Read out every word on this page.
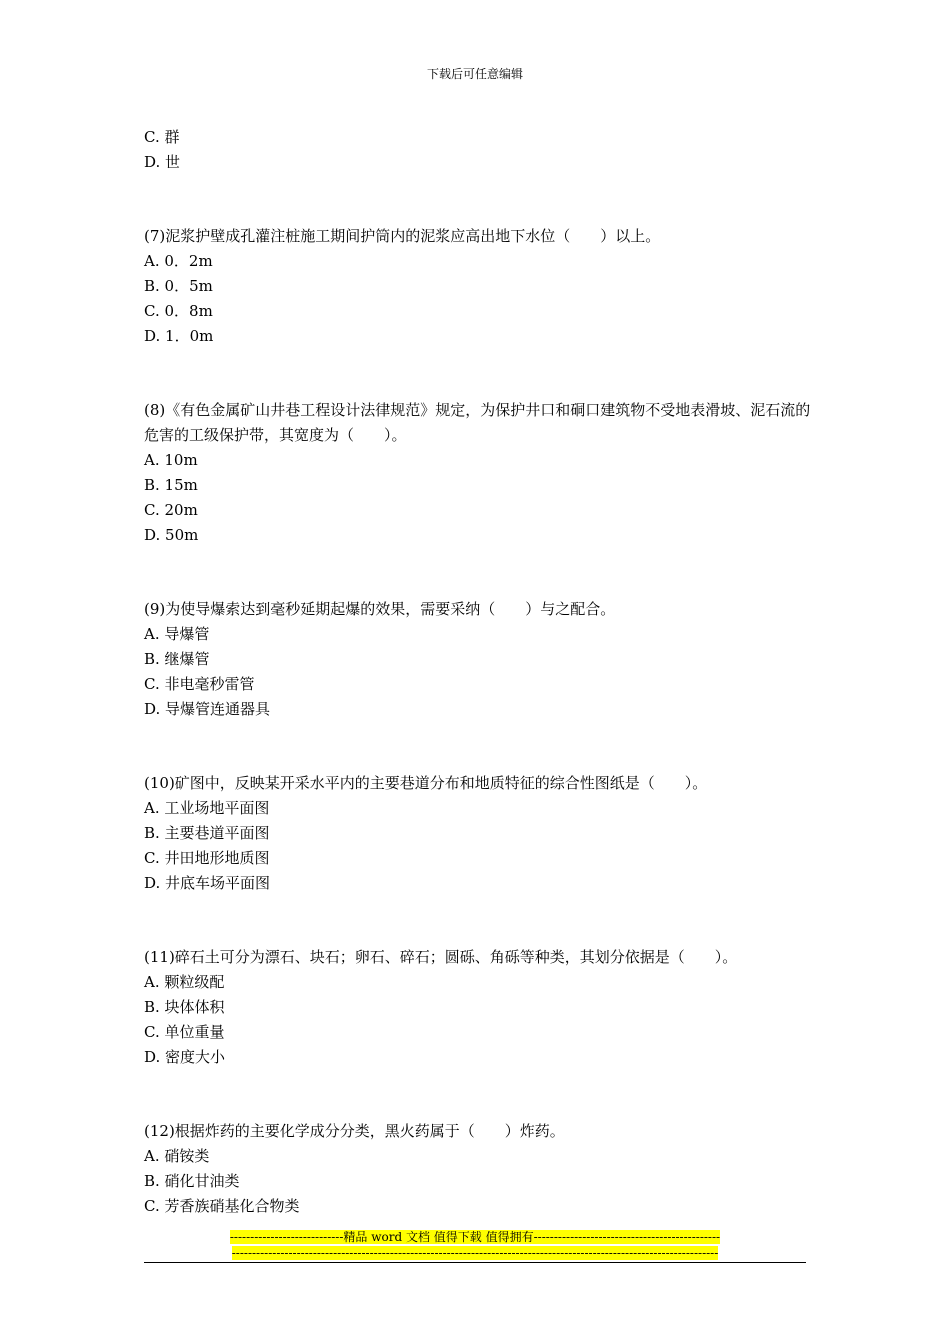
下载后可任意编辑
C. 群
D. 世
(7)泥浆护壁成孔灌注桩施工期间护筒内的泥浆应高出地下水位（　　）以上。
A. 0．2m
B. 0．5m
C. 0．8m
D. 1．0m
(8)《有色金属矿山井巷工程设计法律规范》规定，为保护井口和硐口建筑物不受地表滑坡、泥石流的危害的工级保护带，其宽度为（　　）。
A. 10m
B. 15m
C. 20m
D. 50m
(9)为使导爆索达到毫秒延期起爆的效果，需要采纳（　　）与之配合。
A. 导爆管
B. 继爆管
C. 非电毫秒雷管
D. 导爆管连通器具
(10)矿图中，反映某开采水平内的主要巷道分布和地质特征的综合性图纸是（　　）。
A. 工业场地平面图
B. 主要巷道平面图
C. 井田地形地质图
D. 井底车场平面图
(11)碎石土可分为漂石、块石；卵石、碎石；圆砾、角砾等种类，其划分依据是（　　）。
A. 颗粒级配
B. 块体体积
C. 单位重量
D. 密度大小
(12)根据炸药的主要化学成分分类，黑火药属于（　　）炸药。
A. 硝铵类
B. 硝化甘油类
C. 芳香族硝基化合物类
----------------------------精品 word 文档 值得下载 值得拥有----------------------------------------------
------------------------------------------------------------------------------------------------------------------------
